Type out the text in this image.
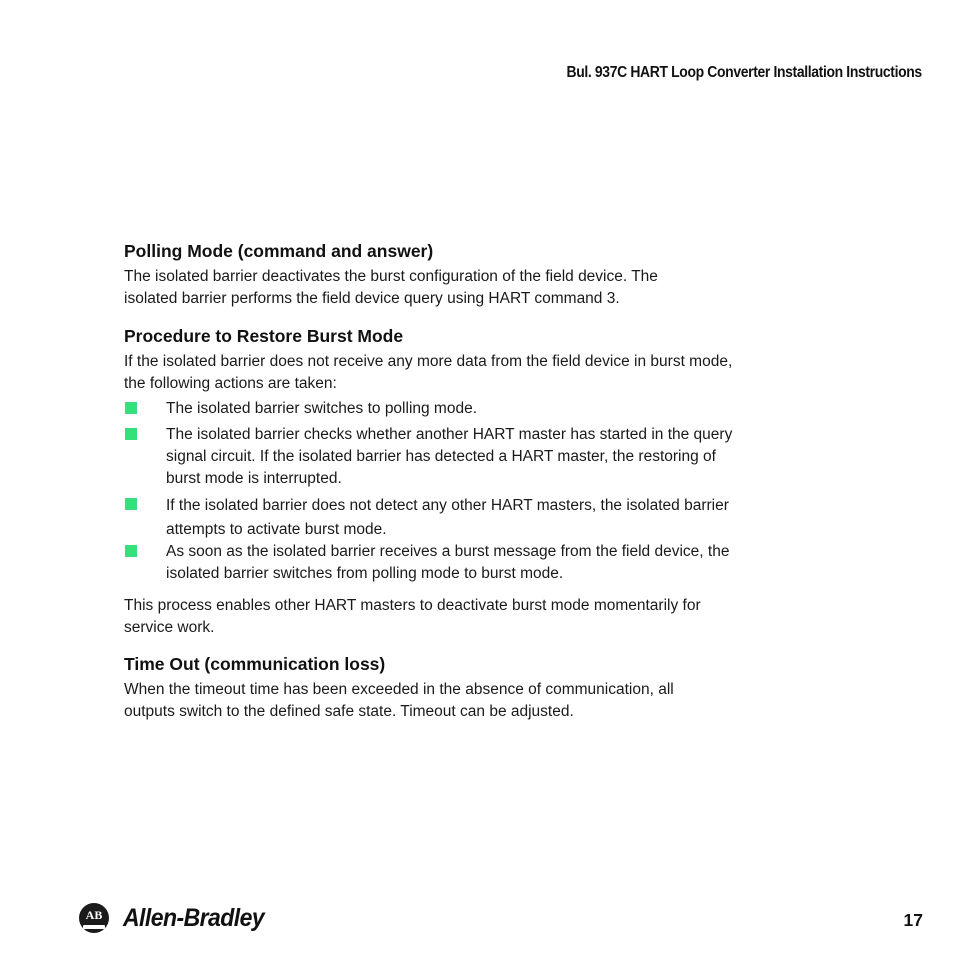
Bul. 937C HART Loop Converter Installation Instructions
Polling Mode (command and answer)

The isolated barrier deactivates the burst configuration of the field device. The
isolated barrier performs the field device query using HART command 3.

Procedure to Restore Burst Mode

If the isolated barrier does not receive any more data from the field device in burst mode,
the following actions are taken:

The isolated barrier switches to polling mode.
The isolated barrier checks whether another HART master has started in the query
signal circuit. If the isolated barrier has detected a HART master, the restoring of
burst mode is interrupted.
If the isolated barrier does not detect any other HART masters, the isolated barrier
attempts to activate burst mode.
As soon as the isolated barrier receives a burst message from the field device, the
isolated barrier switches from polling mode to burst mode.

This process enables other HART masters to deactivate burst mode momentarily for
service work.

Time Out (communication loss)

When the timeout time has been exceeded in the absence of communication, all
outputs switch to the defined safe state. Timeout can be adjusted.

AB Allen-Bradley	17
